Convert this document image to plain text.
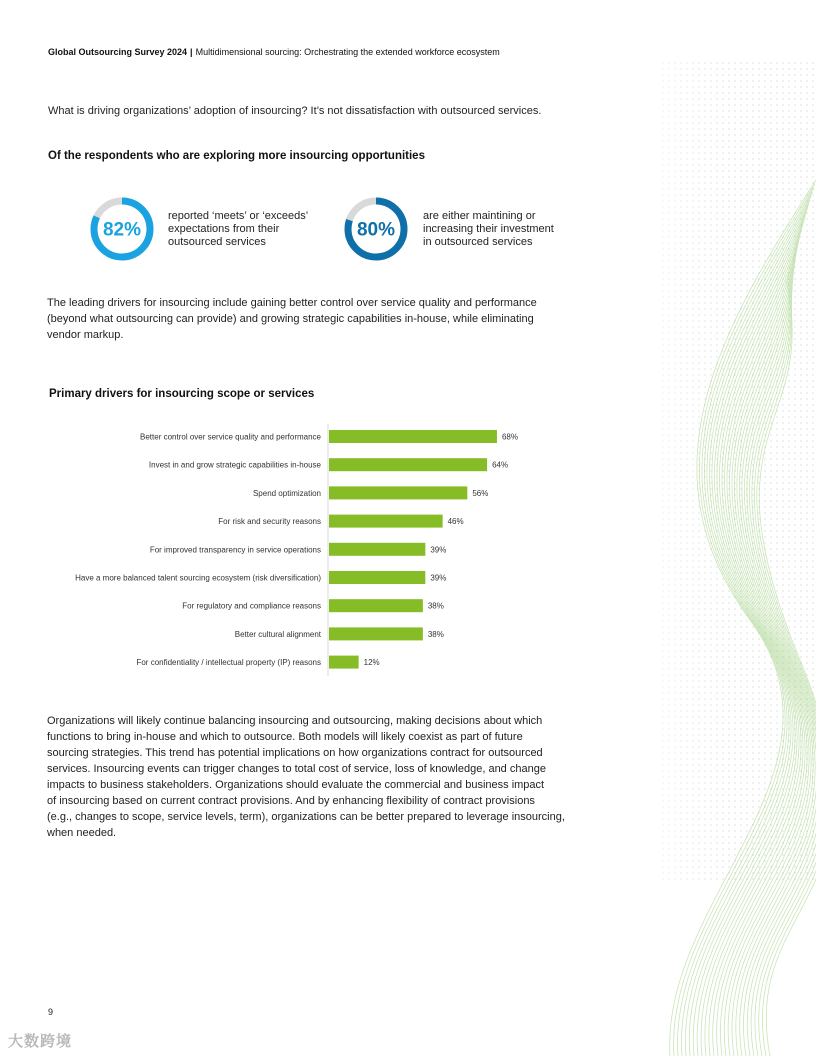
Global Outsourcing Survey 2024 | Multidimensional sourcing: Orchestrating the extended workforce ecosystem
What is driving organizations’ adoption of insourcing? It’s not dissatisfaction with outsourced services.
Of the respondents who are exploring more insourcing opportunities
82%
reported ‘meets’ or ‘exceeds’
expectations from their
outsourced services
80%
are either maintining or
increasing their investment
in outsourced services
The leading drivers for insourcing include gaining better control over service quality and performance
(beyond what outsourcing can provide) and growing strategic capabilities in-house, while eliminating
vendor markup.
Primary drivers for insourcing scope or services
Better control over service quality and performance	68%
Invest in and grow strategic capabilities in-house	64%
Spend optimization	56%
For risk and security reasons	46%
For improved transparency in service operations	39%
Have a more balanced talent sourcing ecosystem (risk diversification)	39%
For regulatory and compliance reasons	38%
Better cultural alignment	38%
For confidentiality / intellectual property (IP) reasons	12%
Organizations will likely continue balancing insourcing and outsourcing, making decisions about which
functions to bring in-house and which to outsource. Both models will likely coexist as part of future
sourcing strategies. This trend has potential implications on how organizations contract for outsourced
services. Insourcing events can trigger changes to total cost of service, loss of knowledge, and change
impacts to business stakeholders. Organizations should evaluate the commercial and business impact
of insourcing based on current contract provisions. And by enhancing flexibility of contract provisions
(e.g., changes to scope, service levels, term), organizations can be better prepared to leverage insourcing,
when needed.
9
大数跨境
